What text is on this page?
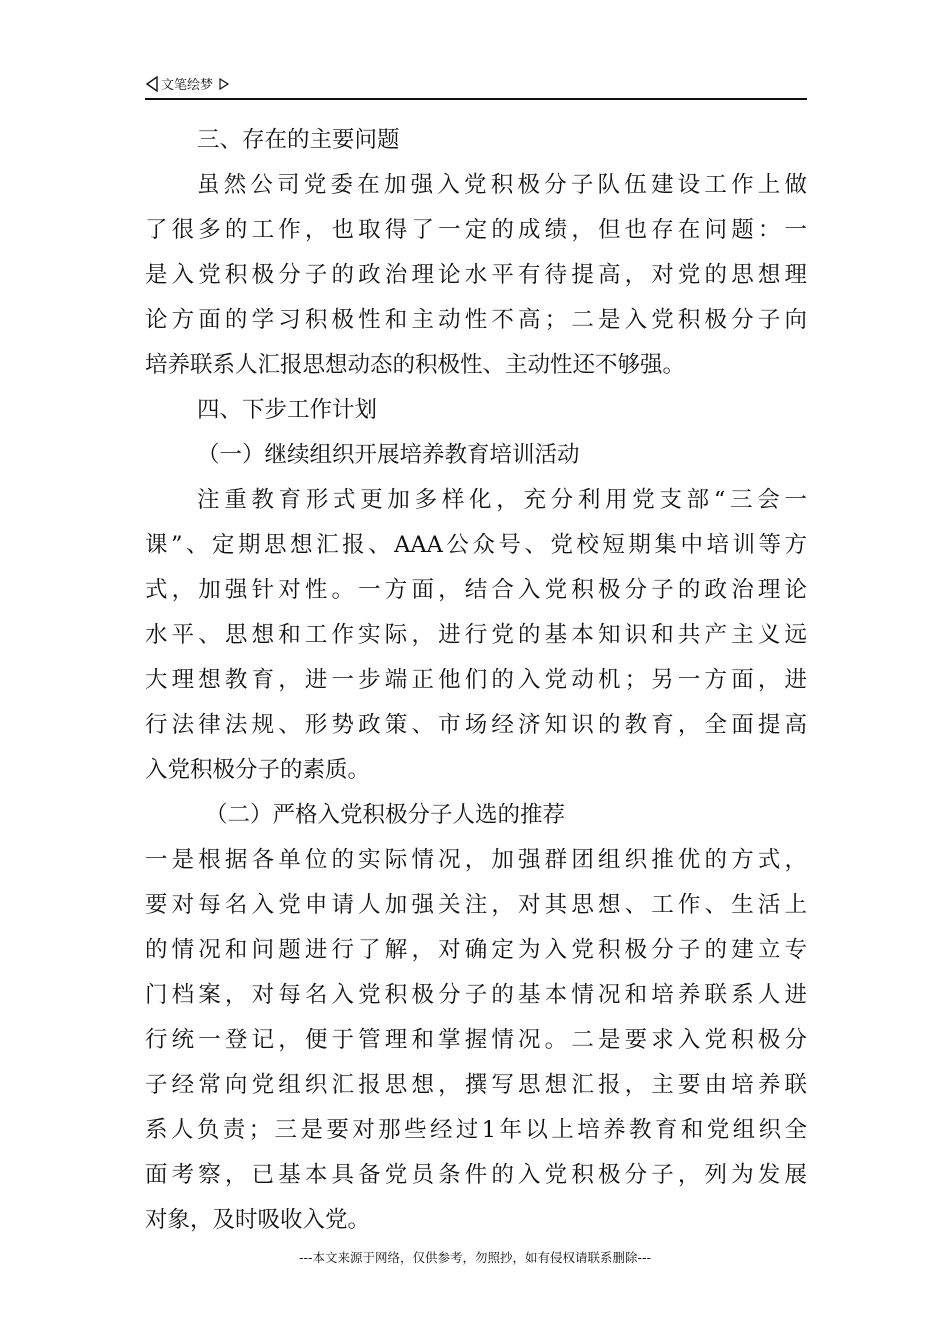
文笔绘梦
三、存在的主要问题
虽然公司党委在加强入党积极分子队伍建设工作上做
了很多的工作，也取得了一定的成绩，但也存在问题：一
是入党积极分子的政治理论水平有待提高，对党的思想理
论方面的学习积极性和主动性不高；二是入党积极分子向
培养联系人汇报思想动态的积极性、主动性还不够强。
四、下步工作计划
（一）继续组织开展培养教育培训活动
注重教育形式更加多样化，充分利用党支部“三会一
课”、定期思想汇报、AAA公众号、党校短期集中培训等方
式，加强针对性。一方面，结合入党积极分子的政治理论
水平、思想和工作实际，进行党的基本知识和共产主义远
大理想教育，进一步端正他们的入党动机；另一方面，进
行法律法规、形势政策、市场经济知识的教育，全面提高
入党积极分子的素质。
（二）严格入党积极分子人选的推荐
一是根据各单位的实际情况，加强群团组织推优的方式，
要对每名入党申请人加强关注，对其思想、工作、生活上
的情况和问题进行了解，对确定为入党积极分子的建立专
门档案，对每名入党积极分子的基本情况和培养联系人进
行统一登记，便于管理和掌握情况。二是要求入党积极分
子经常向党组织汇报思想，撰写思想汇报，主要由培养联
系人负责；三是要对那些经过1年以上培养教育和党组织全
面考察，已基本具备党员条件的入党积极分子，列为发展
对象，及时吸收入党。
---本文来源于网络，仅供参考，勿照抄，如有侵权请联系删除---
